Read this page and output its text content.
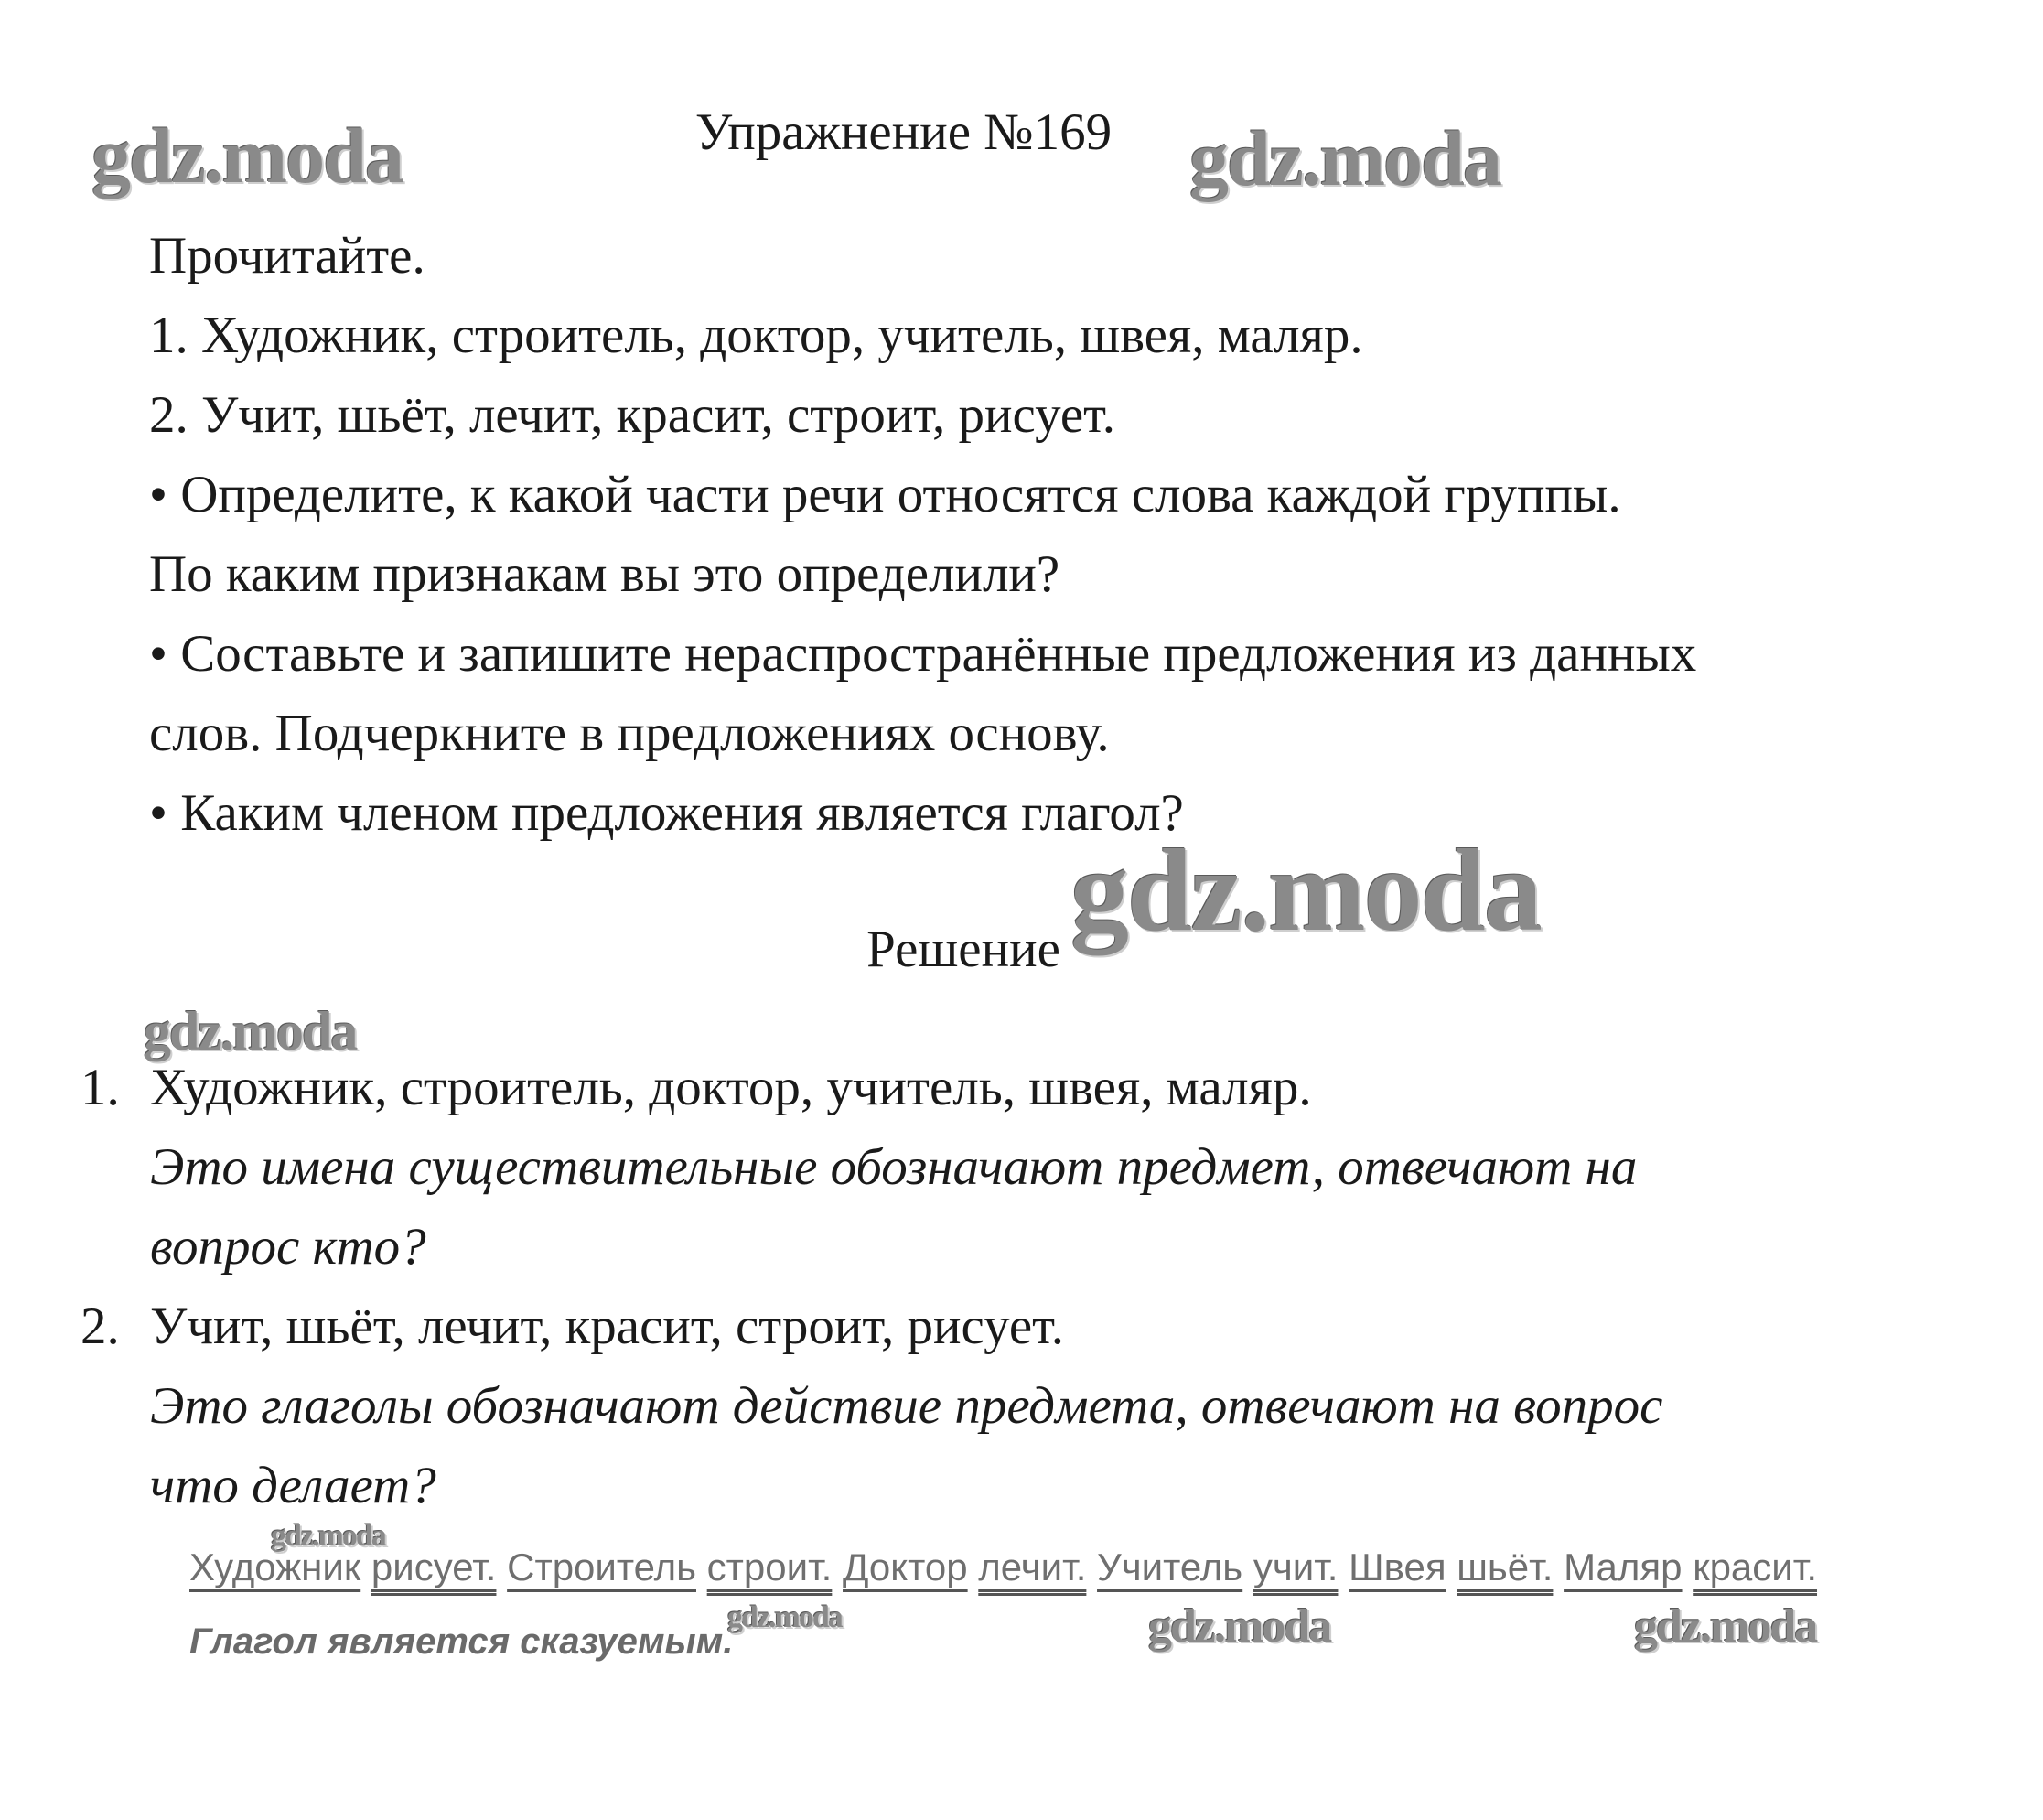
Упражнение №169
Прочитайте.
1. Художник, строитель, доктор, учитель, швея, маляр.
2. Учит, шьёт, лечит, красит, строит, рисует.
• Определите, к какой части речи относятся слова каждой группы.
По каким признакам вы это определили?
• Составьте и запишите нераспространённые предложения из данных
слов. Подчеркните в предложениях основу.
• Каким членом предложения является глагол?
Решение
1. Художник, строитель, доктор, учитель, швея, маляр.
Это имена существительные обозначают предмет, отвечают на
вопрос кто?
2. Учит, шьёт, лечит, красит, строит, рисует.
Это глаголы обозначают действие предмета, отвечают на вопрос
что делает?
Художник рисует. Строитель строит. Доктор лечит. Учитель учит. Швея шьёт. Маляр красит.
Глагол является сказуемым.
gdz.moda	gdz.moda
gdz.moda
gdz.moda
gdz.moda
gdz.moda	gdz.moda	gdz.moda
